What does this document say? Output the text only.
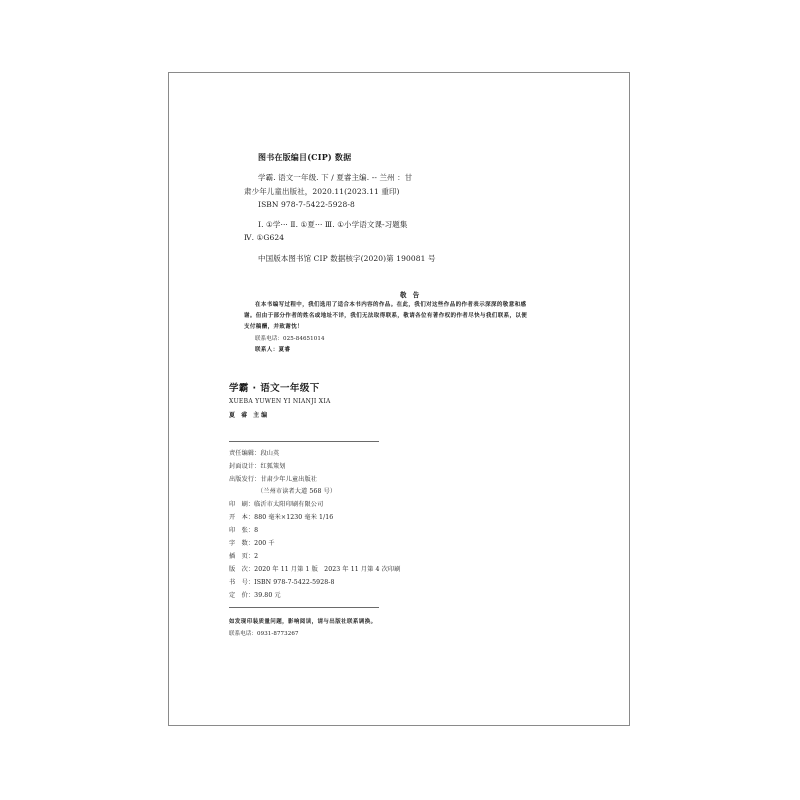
图书在版编目(CIP) 数据
学霸. 语文一年级. 下 / 夏睿主编. -- 兰州 ：甘
肃少年儿童出版社，2020.11(2023.11 重印)
ISBN 978-7-5422-5928-8
Ⅰ. ①学··· Ⅱ. ①夏··· Ⅲ. ①小学语文课-习题集
Ⅳ. ①G624
中国版本图书馆 CIP 数据核字(2020)第 190081 号
敬 告
在本书编写过程中，我们选用了适合本书内容的作品。在此，我们对这些作品的作者表示深深的敬意和感
谢。但由于部分作者的姓名或地址不详，我们无法取得联系，敬请各位有著作权的作者尽快与我们联系，以便
支付稿酬，并致谢忱！
联系电话：025-84651014
联系人：夏睿
学霸 · 语文一年级下
XUEBA YUWEN YI NIANJI XIA
夏 睿 主编
责任编辑：段山英
封面设计：红狐策划
出版发行：甘肃少年儿童出版社
（兰州市读者大道 568 号）
印　刷：临沂市太阳印刷有限公司
开　本：880 毫米×1230 毫米 1/16
印　张：8
字　数：200 千
插　页：2
版　次：2020 年 11 月第 1 版　2023 年 11 月第 4 次印刷
书　号：ISBN 978-7-5422-5928-8
定　价：39.80 元
如发现印装质量问题，影响阅读，请与出版社联系调换。
联系电话：0931-8773267
